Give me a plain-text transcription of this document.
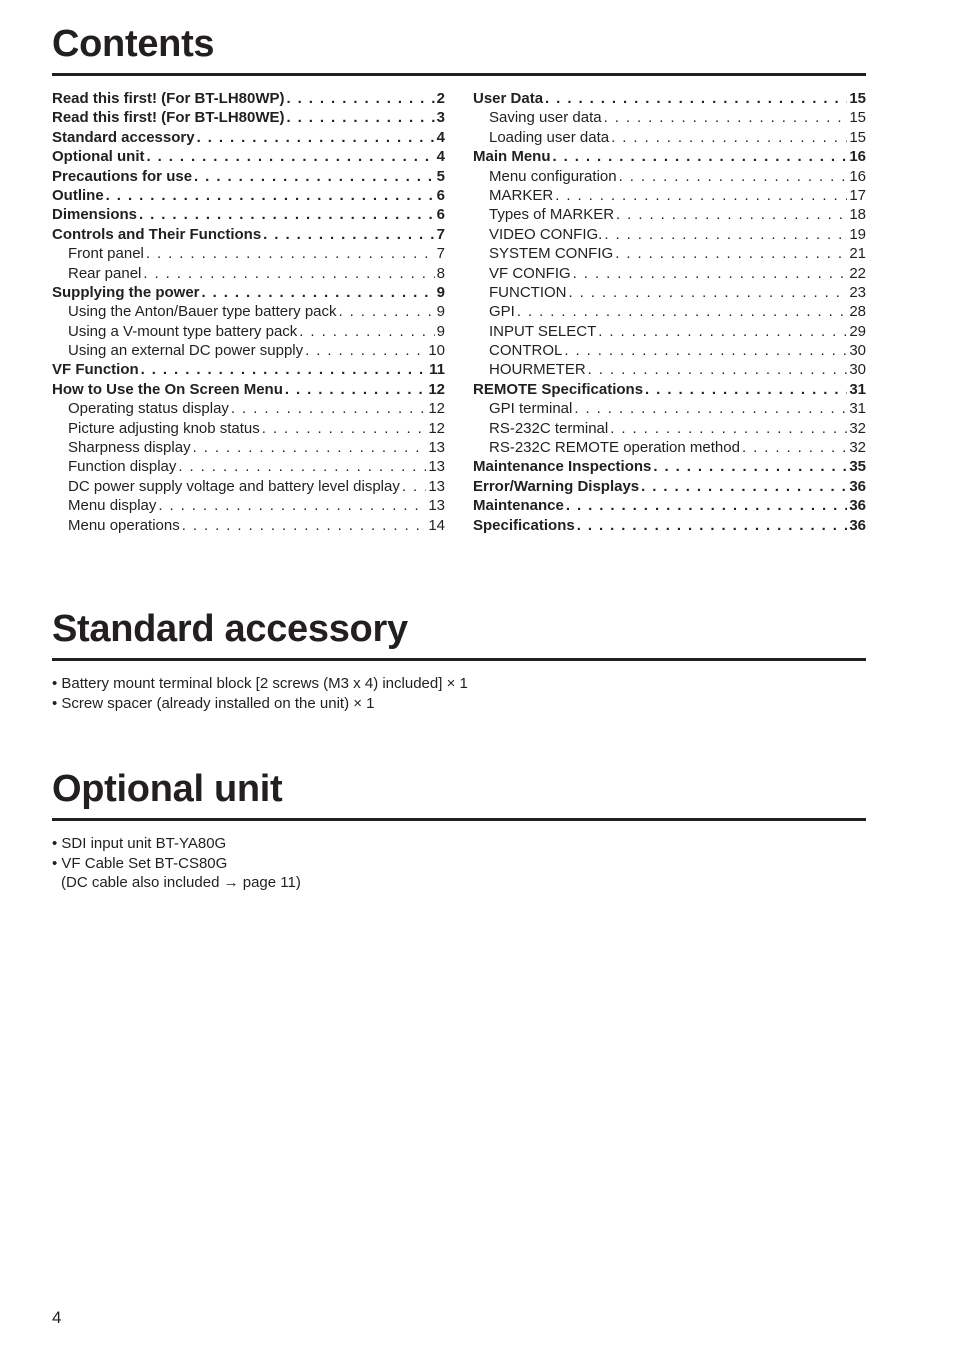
Contents
Read this first! (For BT-LH80WP) . . .	2
Read this first! (For BT-LH80WE) . . .	3
Standard accessory . . .	4
Optional unit . . .	4
Precautions for use . . .	5
Outline . . .	6
Dimensions . . .	6
Controls and Their Functions . . .	7
Front panel . . .	7
Rear panel . . .	8
Supplying the power . . .	9
Using the Anton/Bauer type battery pack . . .	9
Using a V-mount type battery pack . . .	9
Using an external DC power supply . . .	10
VF Function . . .	11
How to Use the On Screen Menu . . .	12
Operating status display . . .	12
Picture adjusting knob status . . .	12
Sharpness display . . .	13
Function display . . .	13
DC power supply voltage and battery level display . . . 13
Menu display . . .	13
Menu operations . . .	14
User Data . . .	15
Saving user data . . .	15
Loading user data . . .	15
Main Menu . . .	16
Menu configuration . . .	16
MARKER . . .	17
Types of MARKER . . .	18
VIDEO CONFIG. . . .	19
SYSTEM CONFIG . . .	21
VF CONFIG . . .	22
FUNCTION . . .	23
GPI . . .	28
INPUT SELECT . . .	29
CONTROL . . .	30
HOURMETER . . .	30
REMOTE Specifications . . .	31
GPI terminal . . .	31
RS-232C terminal . . .	32
RS-232C REMOTE operation method . . .	32
Maintenance Inspections . . .	35
Error/Warning Displays . . .	36
Maintenance . . .	36
Specifications . . .	36
Standard accessory
• Battery mount terminal block [2 screws (M3 x 4) included] × 1
• Screw spacer (already installed on the unit) × 1
Optional unit
• SDI input unit BT-YA80G
• VF Cable Set BT-CS80G
(DC cable also included → page 11)
4
